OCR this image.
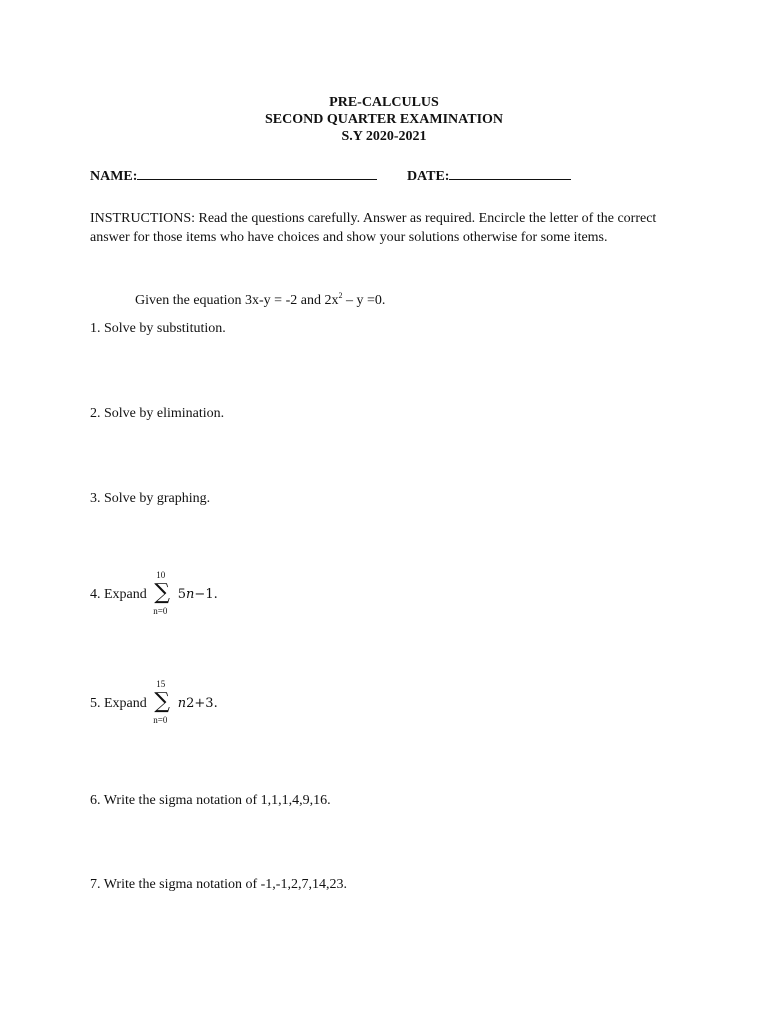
PRE-CALCULUS
SECOND QUARTER EXAMINATION
S.Y 2020-2021
NAME:	DATE:
INSTRUCTIONS: Read the questions carefully. Answer as required. Encircle the letter of the correct answer for those items who have choices and show your solutions otherwise for some items.
Given the equation 3x-y = -2 and $2x^2 - y =0$.
1. Solve by substitution.
2. Solve by elimination.
3. Solve by graphing.
4. Expand
10
∑
n=0
5n−1.
5. Expand
15
∑
n=0
n2+3.
6. Write the sigma notation of 1,1,1,4,9,16.
7. Write the sigma notation of -1,-1,2,7,14,23.
